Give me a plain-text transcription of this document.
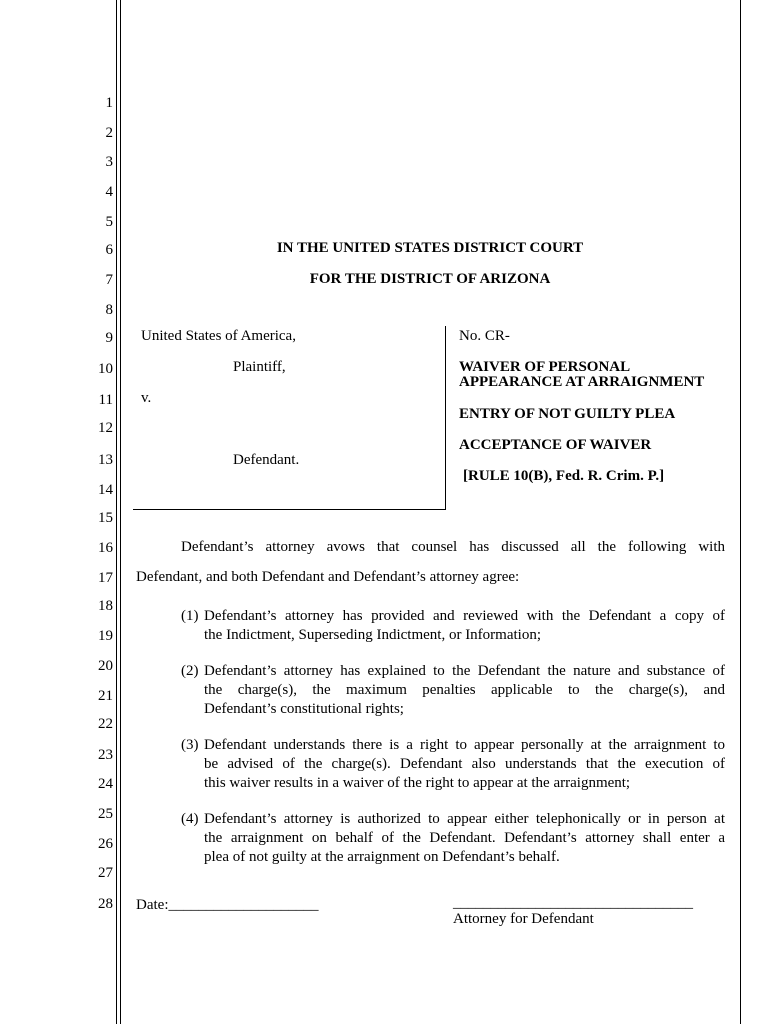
1
2
3
4
5
6
7
8
9
10
11
12
13
14
15
16
17
18
19
20
21
22
23
24
25
26
27
28
IN THE UNITED STATES DISTRICT COURT
FOR THE DISTRICT OF ARIZONA
United States of America,
Plaintiff,
v.
Defendant.
No. CR-
WAIVER OF PERSONAL
APPEARANCE AT ARRAIGNMENT
ENTRY OF NOT GUILTY PLEA
ACCEPTANCE OF WAIVER
[RULE 10(B), Fed. R. Crim. P.]
Defendant’s attorney avows that counsel has discussed all the following with
Defendant, and both Defendant and Defendant’s attorney agree:
(1) Defendant’s attorney has provided and reviewed with the Defendant a copy of
the Indictment, Superseding Indictment, or Information;
(2) Defendant’s attorney has explained to the Defendant the nature and substance of
the charge(s), the maximum penalties applicable to the charge(s), and
Defendant’s constitutional rights;
(3) Defendant understands there is a right to appear personally at the arraignment to
be advised of the charge(s). Defendant also understands that the execution of
this waiver results in a waiver of the right to appear at the arraignment;
(4) Defendant’s attorney is authorized to appear either telephonically or in person at
the arraignment on behalf of the Defendant. Defendant’s attorney shall enter a
plea of not guilty at the arraignment on Defendant’s behalf.
Date:____________________	________________________________
Attorney for Defendant
